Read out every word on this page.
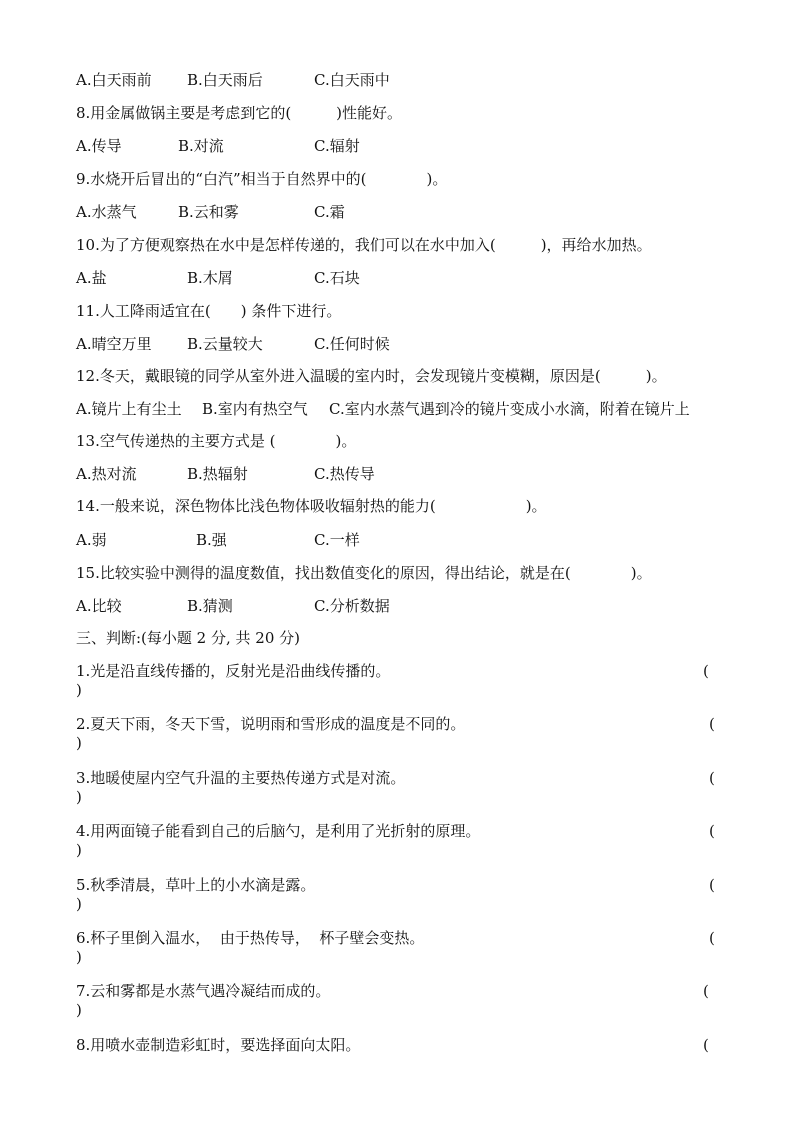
A.白天雨前 B.白天雨后	C.白天雨中
8.用金属做锅主要是考虑到它的(　　　)性能好。
A.传导	B.对流	C.辐射
9.水烧开后冒出的“白汽”相当于自然界中的(　　　　)。
A.水蒸气	B.云和雾	C.霜
10.为了方便观察热在水中是怎样传递的，我们可以在水中加入(　　　)，再给水加热。
A.盐	B.木屑	C.石块
11.人工降雨适宜在(　　) 条件下进行。
A.晴空万里 B.云量较大	C.任何时候
12.冬天，戴眼镜的同学从室外进入温暖的室内时，会发现镜片变模糊，原因是(　　　)。
A.镜片上有尘土 B.室内有热空气 C.室内水蒸气遇到冷的镜片变成小水滴，附着在镜片上
13.空气传递热的主要方式是 (　　　　)。
A.热对流	B.热辐射	C.热传导
14.一般来说，深色物体比浅色物体吸收辐射热的能力(　　　　　　)。
A.弱	B.强	C.一样
15.比较实验中测得的温度数值，找出数值变化的原因，得出结论，就是在(　　　　)。
A.比较	B.猜测	C.分析数据
三、判断:(每小题 2 分, 共 20 分)
1.光是沿直线传播的，反射光是沿曲线传播的。	(
)
2.夏天下雨，冬天下雪，说明雨和雪形成的温度是不同的。	(
)
3.地暖使屋内空气升温的主要热传递方式是对流。	(
)
4.用两面镜子能看到自己的后脑勺，是利用了光折射的原理。	(
)
5.秋季清晨，草叶上的小水滴是露。	(
)
6.杯子里倒入温水，  由于热传导，  杯子壁会变热。	(
)
7.云和雾都是水蒸气遇冷凝结而成的。	(
)
8.用喷水壶制造彩虹时，要选择面向太阳。	(
